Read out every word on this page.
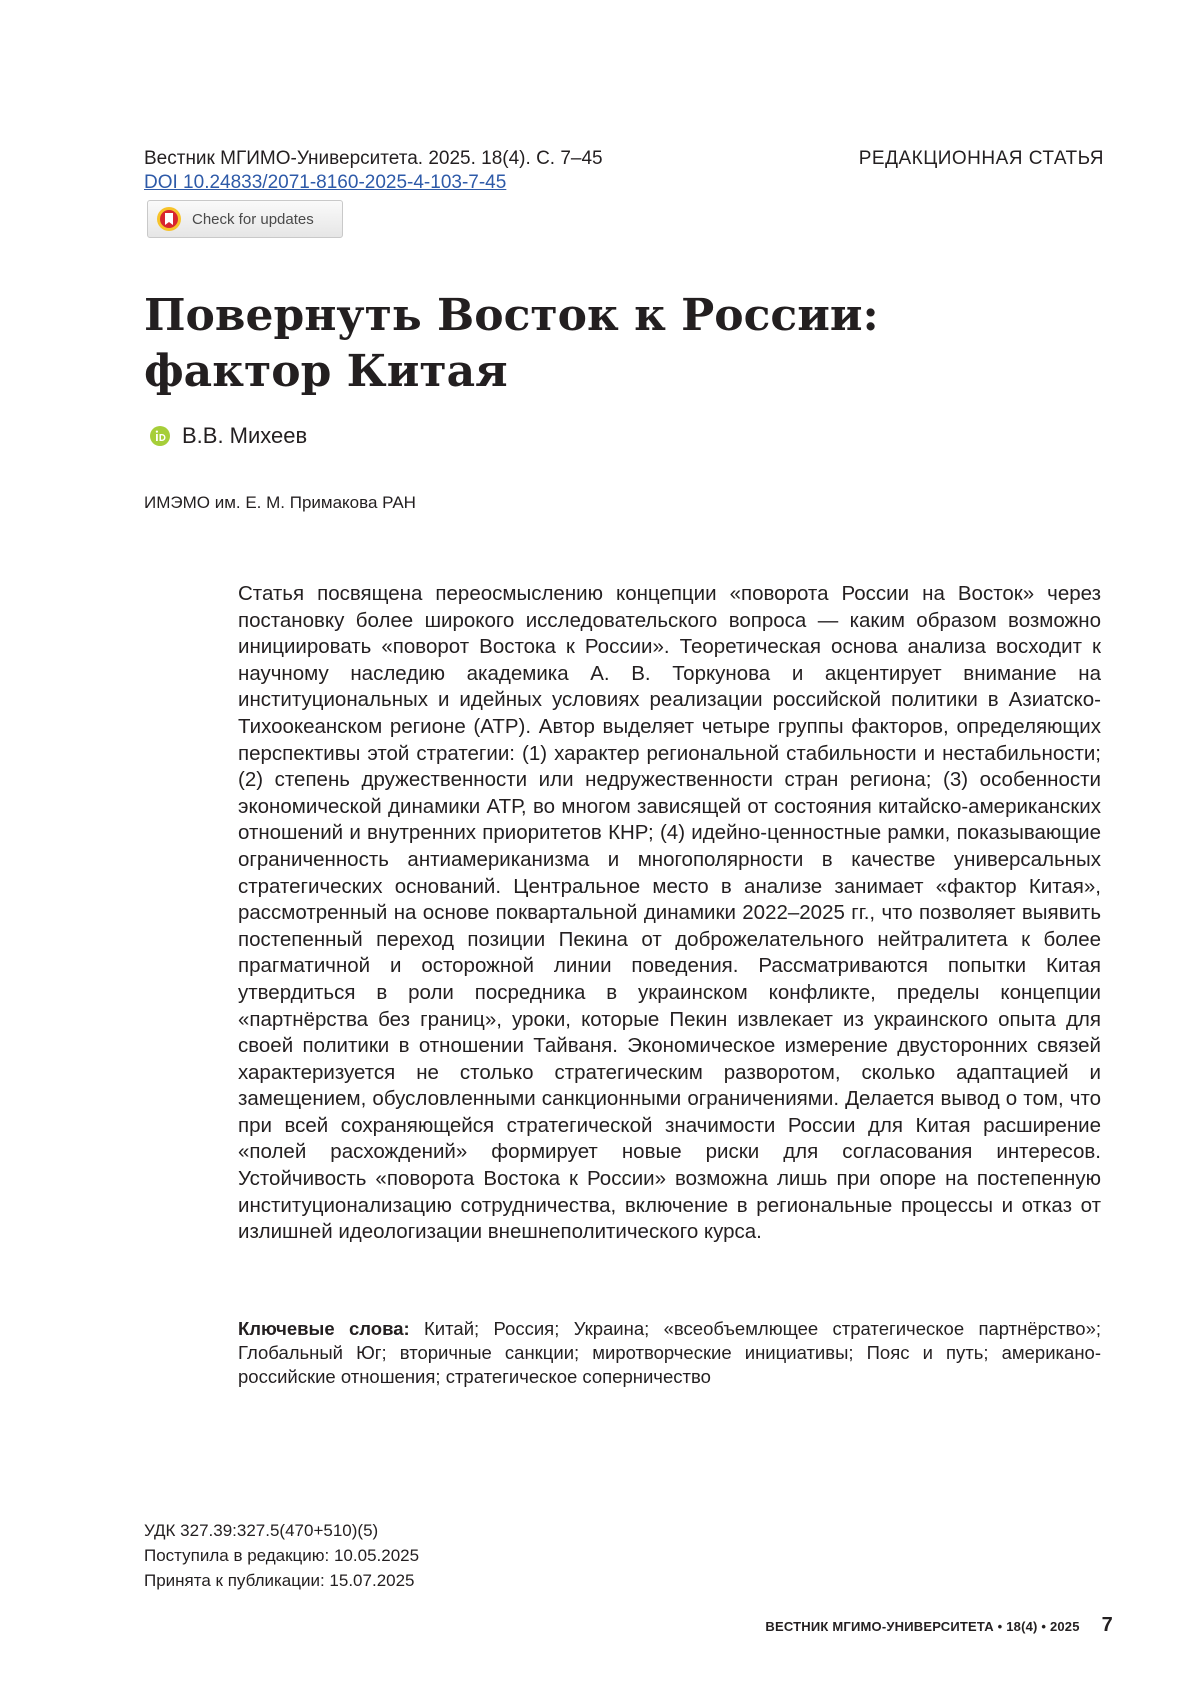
Вестник МГИМО-Университета. 2025. 18(4). С. 7–45
DOI 10.24833/2071-8160-2025-4-103-7-45
РЕДАКЦИОННАЯ СТАТЬЯ
Check for updates
Повернуть Восток к России:
фактор Китая
В.В. Михеев
ИМЭМО им. Е. М. Примакова РАН

Статья посвящена переосмыслению концепции «поворота России на Восток» через постановку более широкого исследовательского вопроса — каким образом возможно инициировать «поворот Востока к России». Теоретическая основа анализа восходит к научному наследию академика А. В. Торкунова и акцентирует внимание на институциональных и идейных условиях реализации российской политики в Азиатско-Тихоокеанском регионе (АТР). Автор выделяет четыре группы факторов, определяющих перспективы этой стратегии: (1) характер региональной стабильности и нестабильности; (2) степень дружественности или недружественности стран региона; (3) особенности экономической динамики АТР, во многом зависящей от состояния китайско-американских отношений и внутренних приоритетов КНР; (4) идейно-ценностные рамки, показывающие ограниченность антиамериканизма и многополярности в качестве универсальных стратегических оснований. Центральное место в анализе занимает «фактор Китая», рассмотренный на основе поквартальной динамики 2022–2025 гг., что позволяет выявить постепенный переход позиции Пекина от доброжелательного нейтралитета к более прагматичной и осторожной линии поведения. Рассматриваются попытки Китая утвердиться в роли посредника в украинском конфликте, пределы концепции «партнёрства без границ», уроки, которые Пекин извлекает из украинского опыта для своей политики в отношении Тайваня. Экономическое измерение двусторонних связей характеризуется не столько стратегическим разворотом, сколько адаптацией и замещением, обусловленными санкционными ограничениями. Делается вывод о том, что при всей сохраняющейся стратегической значимости России для Китая расширение «полей расхождений» формирует новые риски для согласования интересов. Устойчивость «поворота Востока к России» возможна лишь при опоре на постепенную институционализацию сотрудничества, включение в региональные процессы и отказ от излишней идеологизации внешнеполитического курса.

Ключевые слова: Китай; Россия; Украина; «всеобъемлющее стратегическое партнёрство»; Глобальный Юг; вторичные санкции; миротворческие инициативы; Пояс и путь; американо-российские отношения; стратегическое соперничество

УДК 327.39:327.5(470+510)(5)
Поступила в редакцию: 10.05.2025
Принята к публикации: 15.07.2025
ВЕСТНИК МГИМО-УНИВЕРСИТЕТА • 18(4) • 2025 7
